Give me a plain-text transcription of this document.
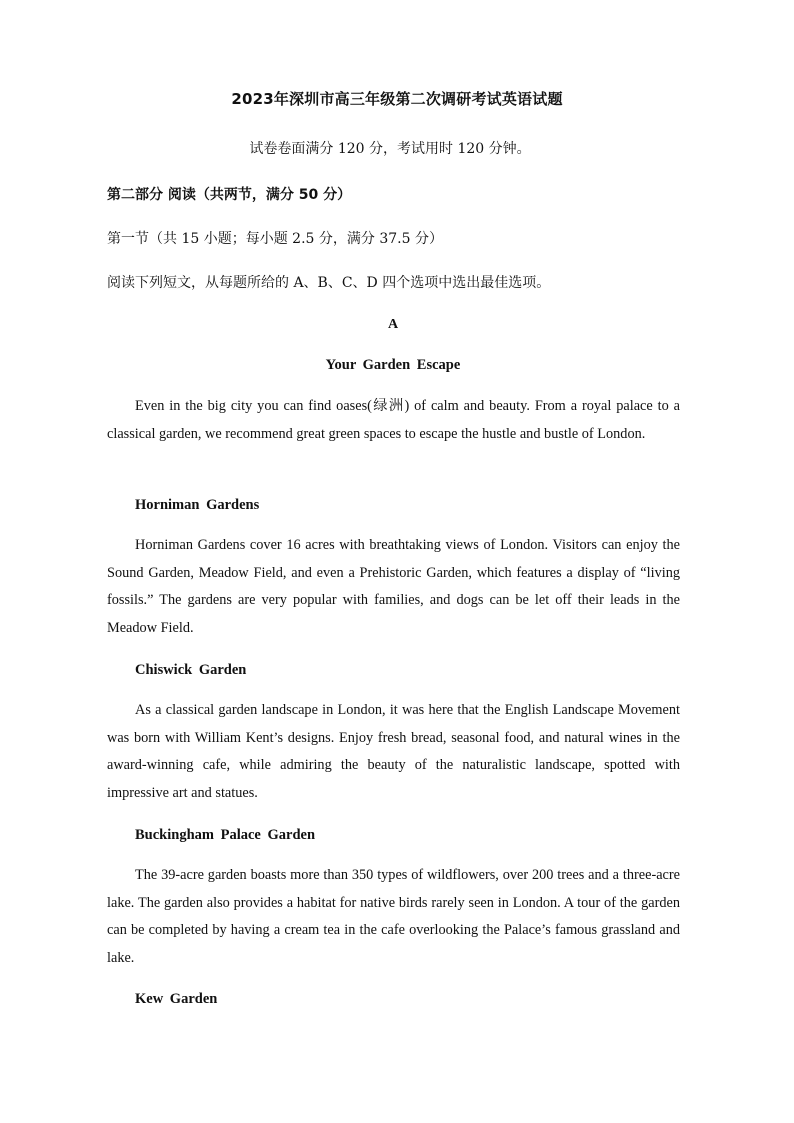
2023年深圳市高三年级第二次调研考试英语试题
试卷卷面满分 120 分，考试用时 120 分钟。
第二部分 阅读（共两节，满分 50 分）
第一节（共 15 小题；每小题 2.5 分，满分 37.5 分）
阅读下列短文，从每题所给的 A、B、C、D 四个选项中选出最佳选项。
A
Your Garden Escape
Even in the big city you can find oases(绿洲) of calm and beauty. From a royal palace to a classical garden, we recommend great green spaces to escape the hustle and bustle of London.
Horniman Gardens
Horniman Gardens cover 16 acres with breathtaking views of London. Visitors can enjoy the Sound Garden, Meadow Field, and even a Prehistoric Garden, which features a display of “living fossils.” The gardens are very popular with families, and dogs can be let off their leads in the Meadow Field.
Chiswick Garden
As a classical garden landscape in London, it was here that the English Landscape Movement was born with William Kent’s designs. Enjoy fresh bread, seasonal food, and natural wines in the award-winning cafe, while admiring the beauty of the naturalistic landscape, spotted with impressive art and statues.
Buckingham Palace Garden
The 39-acre garden boasts more than 350 types of wildflowers, over 200 trees and a three-acre lake. The garden also provides a habitat for native birds rarely seen in London. A tour of the garden can be completed by having a cream tea in the cafe overlooking the Palace’s famous grassland and lake.
Kew Garden
